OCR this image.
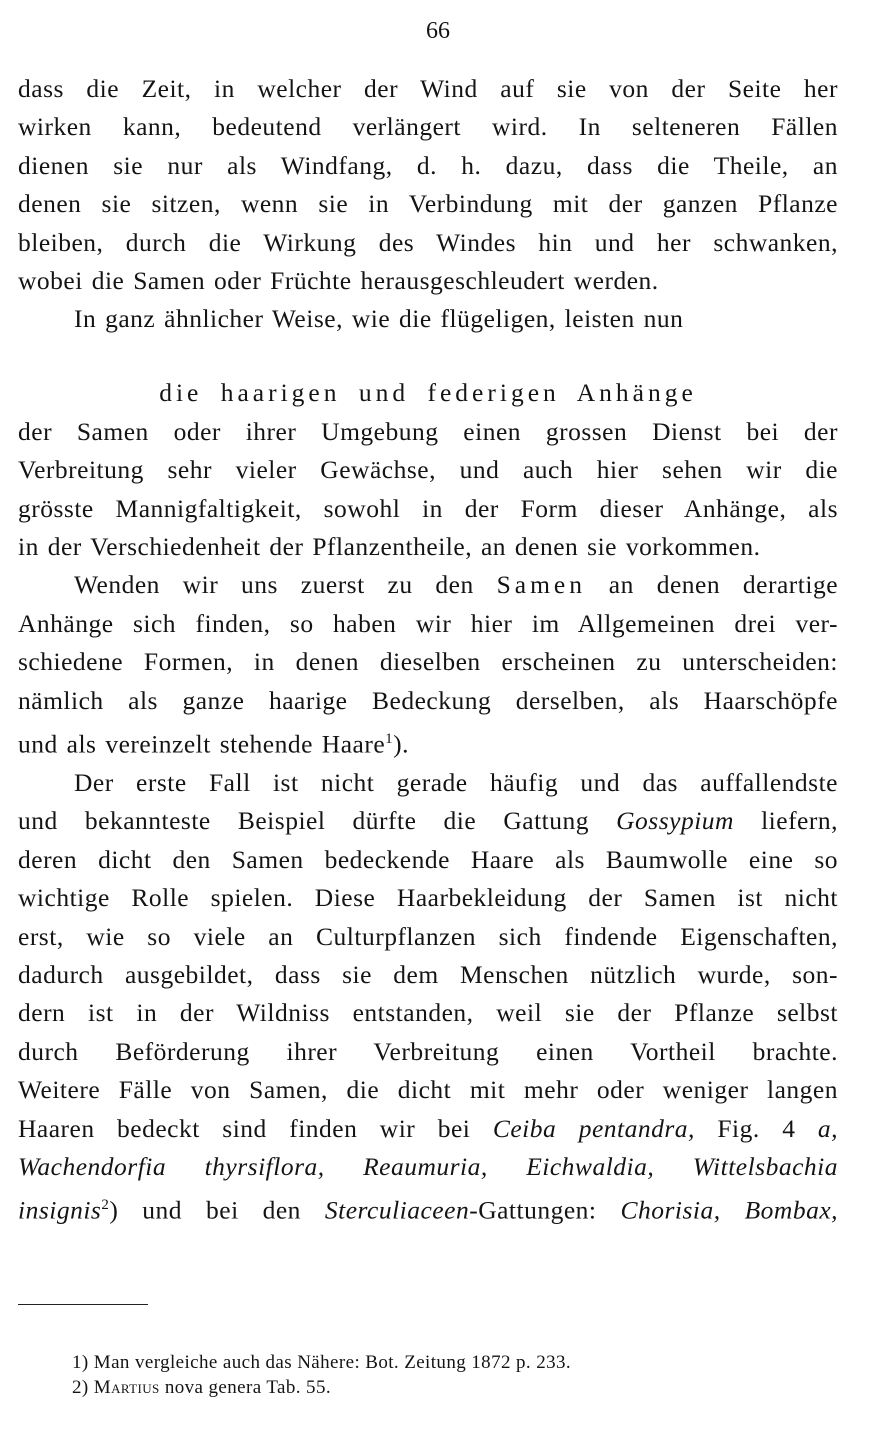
66

dass die Zeit, in welcher der Wind auf sie von der Seite her

wirken kann, bedeutend verlängert wird. In selteneren Fällen

dienen sie nur als Windfang, d. h. dazu, dass die Theile, an

denen sie sitzen, wenn sie in Verbindung mit der ganzen Pflanze

bleiben, durch die Wirkung des Windes hin und her schwanken,

wobei die Samen oder Früchte herausgeschleudert werden.

In ganz ähnlicher Weise, wie die flügeligen, leisten nun

die haarigen und federigen Anhänge

der Samen oder ihrer Umgebung einen grossen Dienst bei der

Verbreitung sehr vieler Gewächse, und auch hier sehen wir die

grösste Mannigfaltigkeit, sowohl in der Form dieser Anhänge, als

in der Verschiedenheit der Pflanzentheile, an denen sie vorkommen.

Wenden wir uns zuerst zu den Samen an denen derartige

Anhänge sich finden, so haben wir hier im Allgemeinen drei ver-

schiedene Formen, in denen dieselben erscheinen zu unterscheiden:

nämlich als ganze haarige Bedeckung derselben, als Haarschöpfe

und als vereinzelt stehende Haare$^1$).

Der erste Fall ist nicht gerade häufig und das auffallendste

und bekannteste Beispiel dürfte die Gattung Gossypium liefern,

deren dicht den Samen bedeckende Haare als Baumwolle eine so

wichtige Rolle spielen. Diese Haarbekleidung der Samen ist nicht

erst, wie so viele an Culturpflanzen sich findende Eigenschaften,

dadurch ausgebildet, dass sie dem Menschen nützlich wurde, son-

dern ist in der Wildniss entstanden, weil sie der Pflanze selbst

durch Beförderung ihrer Verbreitung einen Vortheil brachte.

Weitere Fälle von Samen, die dicht mit mehr oder weniger langen

Haaren bedeckt sind finden wir bei Ceiba pentandra, Fig. 4 a,

Wachendorfia thyrsiflora, Reaumuria, Eichwaldia, Wittelsbachia

insignis$^2$) und bei den Sterculiaceen-Gattungen: Chorisia, Bombax,

1) Man vergleiche auch das Nähere: Bot. Zeitung 1872 p. 233.

2) Martius nova genera Tab. 55.
